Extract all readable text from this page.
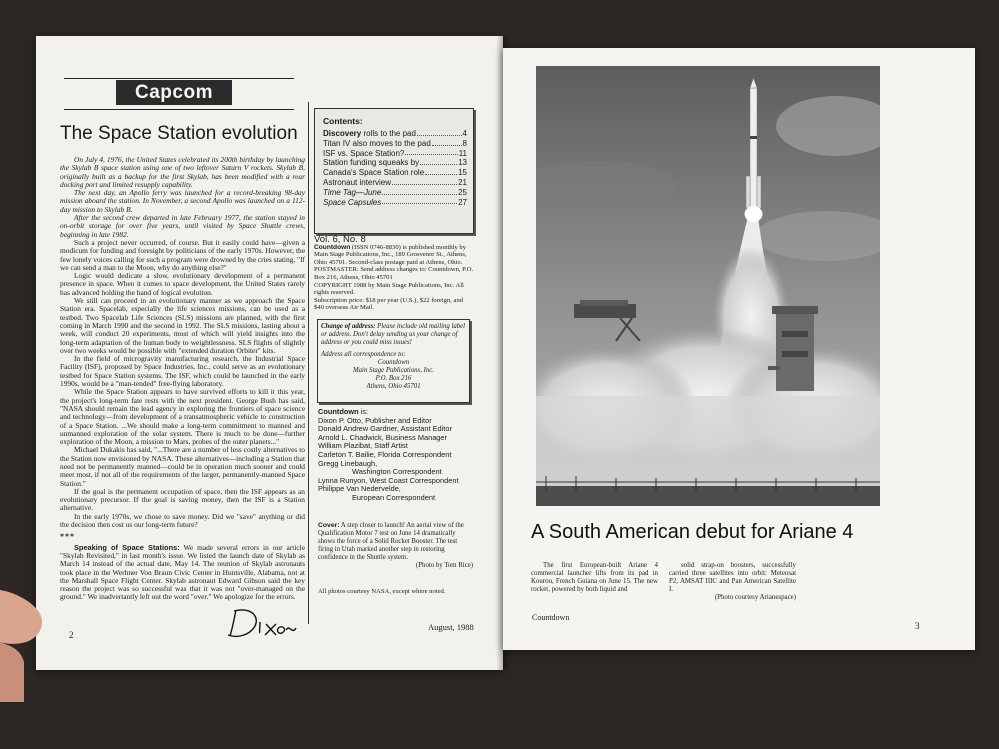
Capcom
The Space Station evolution

On July 4, 1976, the United States celebrated its 200th birthday by launching the Skylab B space station using one of two leftover Saturn V rockets. Skylab B, originally built as a backup for the first Skylab, has been modified with a rear docking port and limited resupply capability.

The next day, an Apollo ferry was launched for a record-breaking 98-day mission aboard the station. In November, a second Apollo was launched on a 112-day mission to Skylab B.

After the second crew departed in late February 1977, the station stayed in on-orbit storage for over five years, until visited by Space Shuttle crews, beginning in late 1982.

Such a project never occurred, of course. But it easily could have—given a modicum for funding and foresight by politicians of the early 1970s. However, the few lonely voices calling for such a program were drowned by the cries stating, "If we can send a man to the Moon, why do anything else?"

Logic would dedicate a slow, evolutionary development of a permanent presence in space. When it comes to space development, the United States rarely has advanced holding the hand of logical evolution.

We still can proceed in an evolutionary manner as we approach the Space Station era. Spacelab, especially the life sciences missions, can be used as a testbed. Two Spacelab Life Sciences (SLS) missions are planned, with the first coming in March 1990 and the second in 1992. The SLS missions, lasting about a week, will conduct 20 experiments, most of which will yield insights into the long-term adaptation of the human body to weightlessness. SLS flights of slightly over two weeks would be possible with "extended duration Orbiter" kits.

In the field of microgravity manufacturing research, the Industrial Space Facility (ISF), proposed by Space Industries, Inc., could serve as an evolutionary testbed for Space Station systems. The ISF, which could be launched in the early 1990s, would be a "man-tended" free-flying laboratory.

While the Space Station appears to have survived efforts to kill it this year, the project's long-term fate rests with the next president. George Bush has said, "NASA should remain the lead agency in exploring the frontiers of space science and technology—from development of a transatmospheric vehicle to construction of a Space Station. ...We should make a long-term commitment to manned and unmanned exploration of the solar system. There is much to be done—further exploration of the Moon, a mission to Mars, probes of the outer planets..."

Michael Dukakis has said, "...There are a number of less costly alternatives to the Station now envisioned by NASA. These alternatives—including a Station that need not be permanently manned—could be in operation much sooner and could meet most, if not all of the requirements of the larger, permanently-manned Space Station."

If the goal is the permanent occupation of space, then the ISF appears as an evolutionary precursor. If the goal is saving money, then the ISF is a Station alternative.

In the early 1970s, we chose to save money. Did we "save" anything or did the decision then cost us our long-term future?

***

Speaking of Space Stations: We made several errors in our article "Skylab Revisited," in last month's issue. We listed the launch date of Skylab as March 14 instead of the actual date, May 14. The reunion of Skylab astronauts took place in the Werhner Von Braun Civic Center in Huntsville, Alabama, not at the Marshall Space Flight Center. Skylab astronaut Edward Gibson said the key reason the project was so successful was that it was not "over-managed on the ground." We inadvertantly left out the word "over." We apologize for the errors.

Contents:
Discovery rolls to the pad	4
Titan IV also moves to the pad	8
ISF vs. Space Station?	11
Station funding squeaks by	13
Canada's Space Station role	15
Astronaut interview	21
Time Tag—June	25
Space Capsules	27
Vol. 6, No. 8
Countdown (ISSN 0746-8830) is published monthly by Main Stage Publications, Inc., 189 Grosvenor St., Athens, Ohio 45701. Second-class postage paid at Athens, Ohio.
POSTMASTER: Send address changes to: Countdown, P.O. Box 216, Athens, Ohio 45701
COPYRIGHT 1988 by Main Stage Publications, Inc. All rights reserved.
Subscription price: $18 per year (U.S.), $22 foreign, and $40 overseas Air Mail.
Change of address: Please include old mailing label or address. Don't delay sending us your change of address or you could miss issues!
Address all correspondence to:
Countdown
Main Stage Publications, Inc.
P.O. Box 216
Athens, Ohio 45701
Countdown is:
Dixon P. Otto, Publisher and Editor
Donald Andrew Gardner, Assistant Editor
Arnold L. Chadwick, Business Manager
William Plazibat, Staff Artist
Carleton T. Bailie, Florida Correspondent
Gregg Linebaugh,
Washington Correspondent
Lynna Runyon, West Coast Correspondent
Philippe Van Nedervelde,
European Correspondent
Cover: A step closer to launch! An aerial view of the Qualification Motor 7 test on June 14 dramatically shows the force of a Solid Rocket Booster. The test firing in Utah marked another step in restoring confidence in the Shuttle system.
(Photo by Tom Rice)
All photos courtesy NASA, except where noted.
2
August, 1988
A South American debut for Ariane 4

The first European-built Ariane 4 commercial launcher lifts from its pad in Kourou, French Guiana on June 15. The new rocket, powered by both liquid and

solid strap-on boosters, successfully carried three satellites into orbit: Meteosat P2, AMSAT IIIC and Pan American Satellite I.

(Photo courtesy Arianespace)
Countdown
3
